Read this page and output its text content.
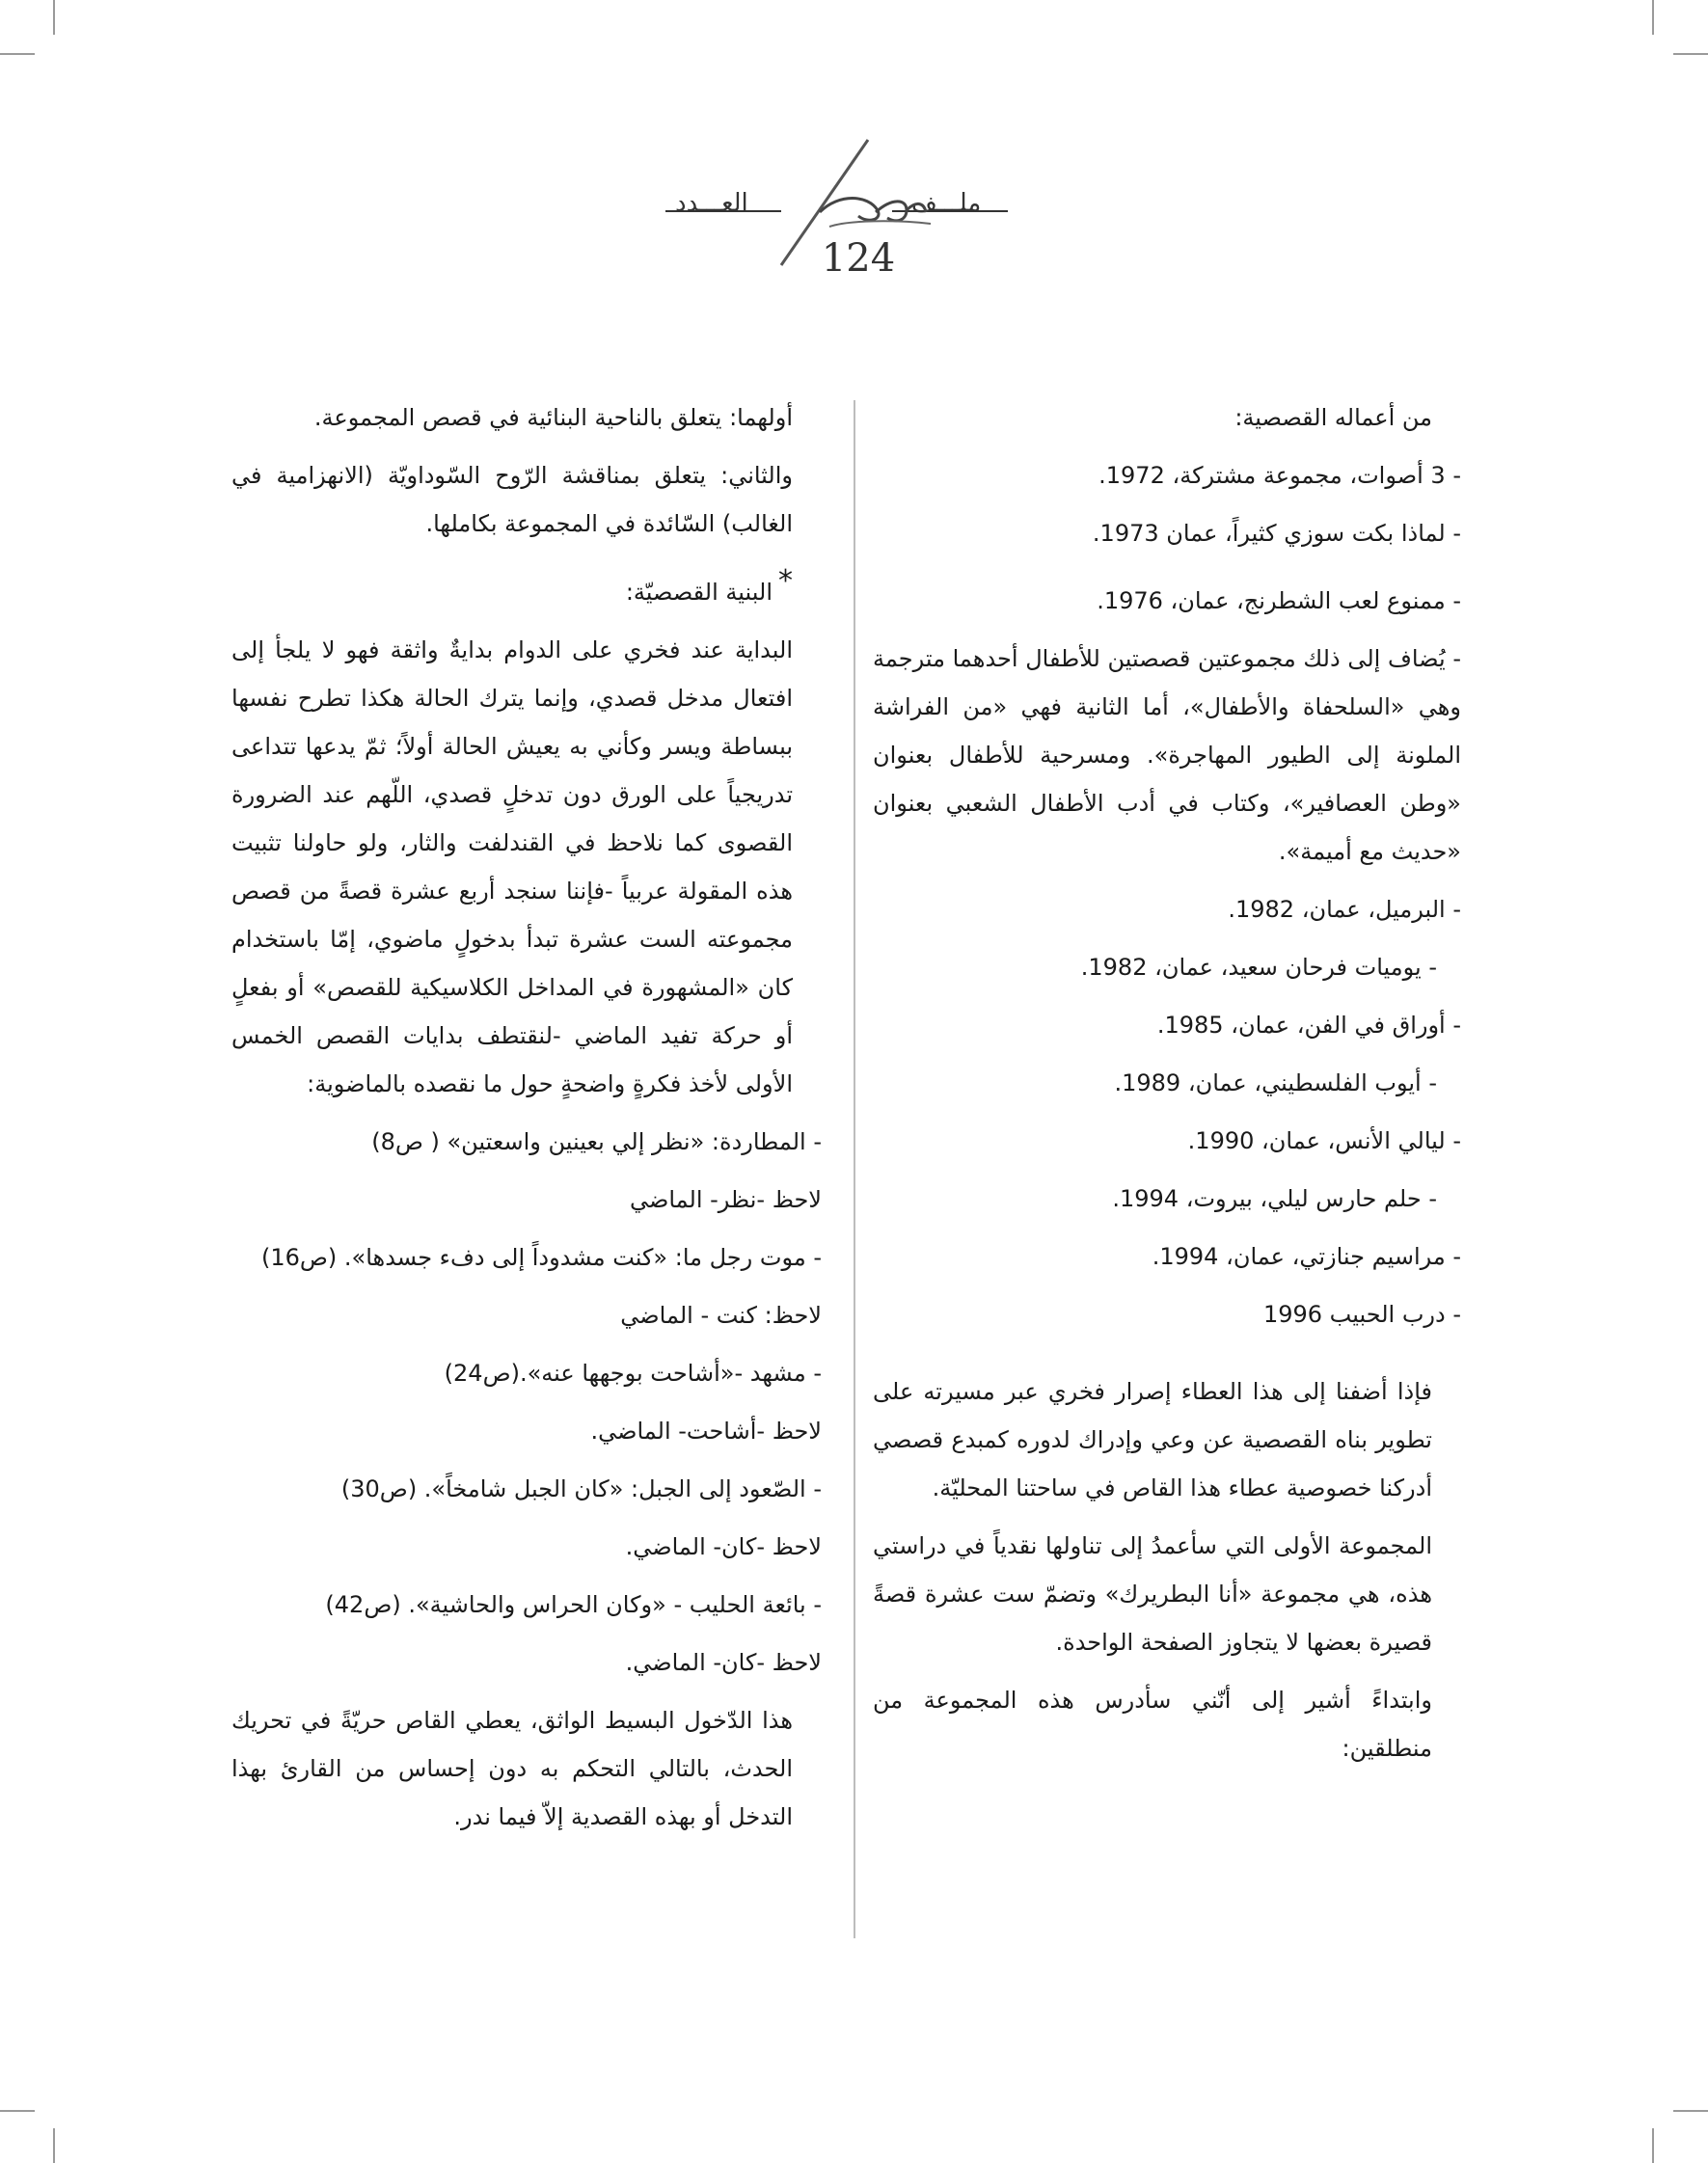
العـــدد	ملـــف
124

من أعماله القصصية:

- 3 أصوات، مجموعة مشتركة، 1972.

- لماذا بكت سوزي كثيراً، عمان 1973.

- ممنوع لعب الشطرنج، عمان، 1976.

- يُضاف إلى ذلك مجموعتين قصصتين للأطفال أحدهما مترجمة وهي «السلحفاة والأطفال»، أما الثانية فهي «من الفراشة الملونة إلى الطيور المهاجرة». ومسرحية للأطفال بعنوان «وطن العصافير»، وكتاب في أدب الأطفال الشعبي بعنوان «حديث مع أميمة».

- البرميل، عمان، 1982.

- يوميات فرحان سعيد، عمان، 1982.

- أوراق في الفن، عمان، 1985.

- أيوب الفلسطيني، عمان، 1989.

- ليالي الأنس، عمان، 1990.

- حلم حارس ليلي، بيروت، 1994.

- مراسيم جنازتي، عمان، 1994.

- درب الحبيب 1996

فإذا أضفنا إلى هذا العطاء إصرار فخري عبر مسيرته على تطوير بناه القصصية عن وعي وإدراك لدوره كمبدع قصصي أدركنا خصوصية عطاء هذا القاص في ساحتنا المحليّة.

المجموعة الأولى التي سأعمدُ إلى تناولها نقدياً في دراستي هذه، هي مجموعة «أنا البطريرك» وتضمّ ست عشرة قصةً قصيرة بعضها لا يتجاوز الصفحة الواحدة.

وابتداءً أشير إلى أنّني سأدرس هذه المجموعة من منطلقين:

أولهما: يتعلق بالناحية البنائية في قصص المجموعة.

والثاني: يتعلق بمناقشة الرّوح السّوداويّة (الانهزامية في الغالب) السّائدة في المجموعة بكاملها.

*البنية القصصيّة:

البداية عند فخري على الدوام بدايةٌ واثقة فهو لا يلجأ إلى افتعال مدخل قصدي، وإنما يترك الحالة هكذا تطرح نفسها ببساطة ويسر وكأني به يعيش الحالة أولاً؛ ثمّ يدعها تتداعى تدريجياً على الورق دون تدخلٍ قصدي، اللّهم عند الضرورة القصوى كما نلاحظ في القندلفت والثار، ولو حاولنا تثبيت هذه المقولة عربياً -فإننا سنجد أربع عشرة قصةً من قصص مجموعته الست عشرة تبدأ بدخولٍ ماضوي، إمّا باستخدام كان «المشهورة في المداخل الكلاسيكية للقصص» أو بفعلٍ أو حركة تفيد الماضي -لنقتطف بدايات القصص الخمس الأولى لأخذ فكرةٍ واضحةٍ حول ما نقصده بالماضوية:

- المطاردة: «نظر إلي بعينين واسعتين» ( ص8)

لاحظ -نظر- الماضي

- موت رجل ما: «كنت مشدوداً إلى دفء جسدها». (ص16)

لاحظ: كنت - الماضي

- مشهد -«أشاحت بوجهها عنه».(ص24)

لاحظ -أشاحت- الماضي.

- الصّعود إلى الجبل: «كان الجبل شامخاً». (ص30)

لاحظ -كان- الماضي.

- بائعة الحليب - «وكان الحراس والحاشية». (ص42)

لاحظ -كان- الماضي.

هذا الدّخول البسيط الواثق، يعطي القاص حريّةً في تحريك الحدث، بالتالي التحكم به دون إحساس من القارئ بهذا التدخل أو بهذه القصدية إلاّ فيما ندر.
